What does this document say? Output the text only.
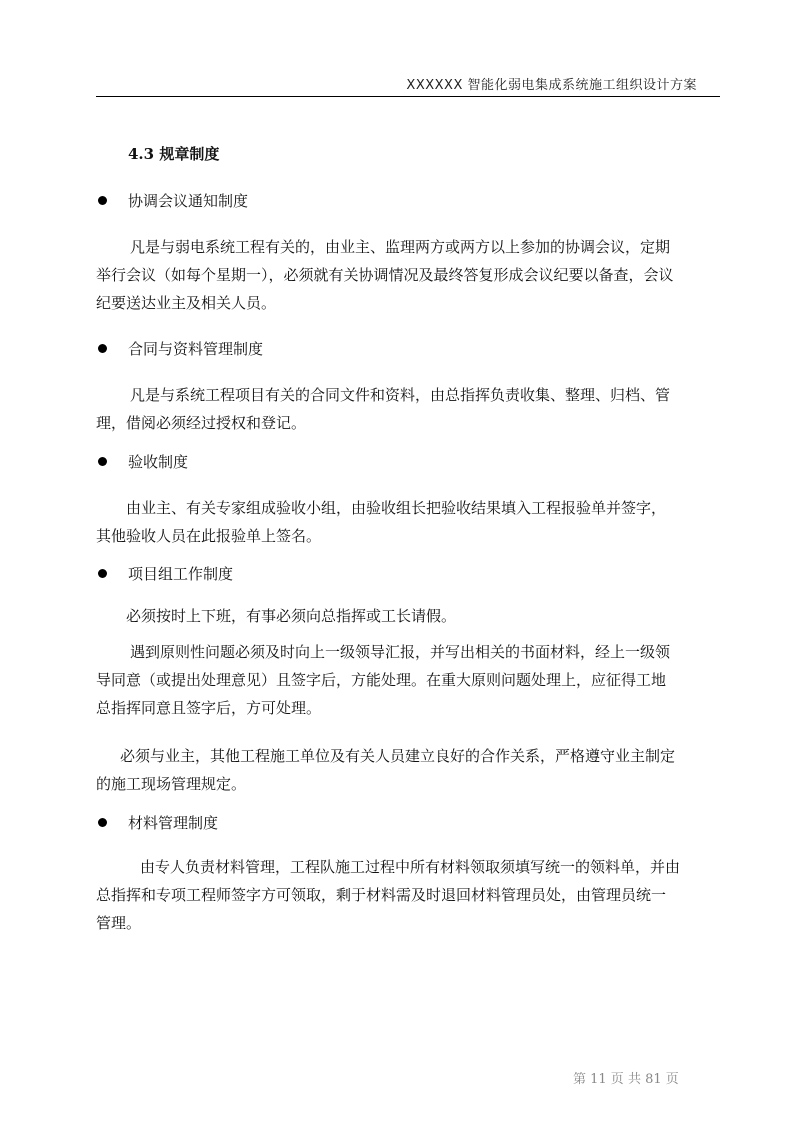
XXXXXX 智能化弱电集成系统施工组织设计方案
4.3 规章制度
协调会议通知制度
凡是与弱电系统工程有关的，由业主、监理两方或两方以上参加的协调会议，定期
举行会议（如每个星期一），必须就有关协调情况及最终答复形成会议纪要以备查，会议
纪要送达业主及相关人员。
合同与资料管理制度
凡是与系统工程项目有关的合同文件和资料，由总指挥负责收集、整理、归档、管
理，借阅必须经过授权和登记。
验收制度
由业主、有关专家组成验收小组，由验收组长把验收结果填入工程报验单并签字，
其他验收人员在此报验单上签名。
项目组工作制度
必须按时上下班，有事必须向总指挥或工长请假。
遇到原则性问题必须及时向上一级领导汇报，并写出相关的书面材料，经上一级领
导同意（或提出处理意见）且签字后，方能处理。在重大原则问题处理上，应征得工地
总指挥同意且签字后，方可处理。
必须与业主，其他工程施工单位及有关人员建立良好的合作关系，严格遵守业主制定
的施工现场管理规定。
材料管理制度
由专人负责材料管理，工程队施工过程中所有材料领取须填写统一的领料单，并由
总指挥和专项工程师签字方可领取，剩于材料需及时退回材料管理员处，由管理员统一
管理。
第 11 页 共 81 页
